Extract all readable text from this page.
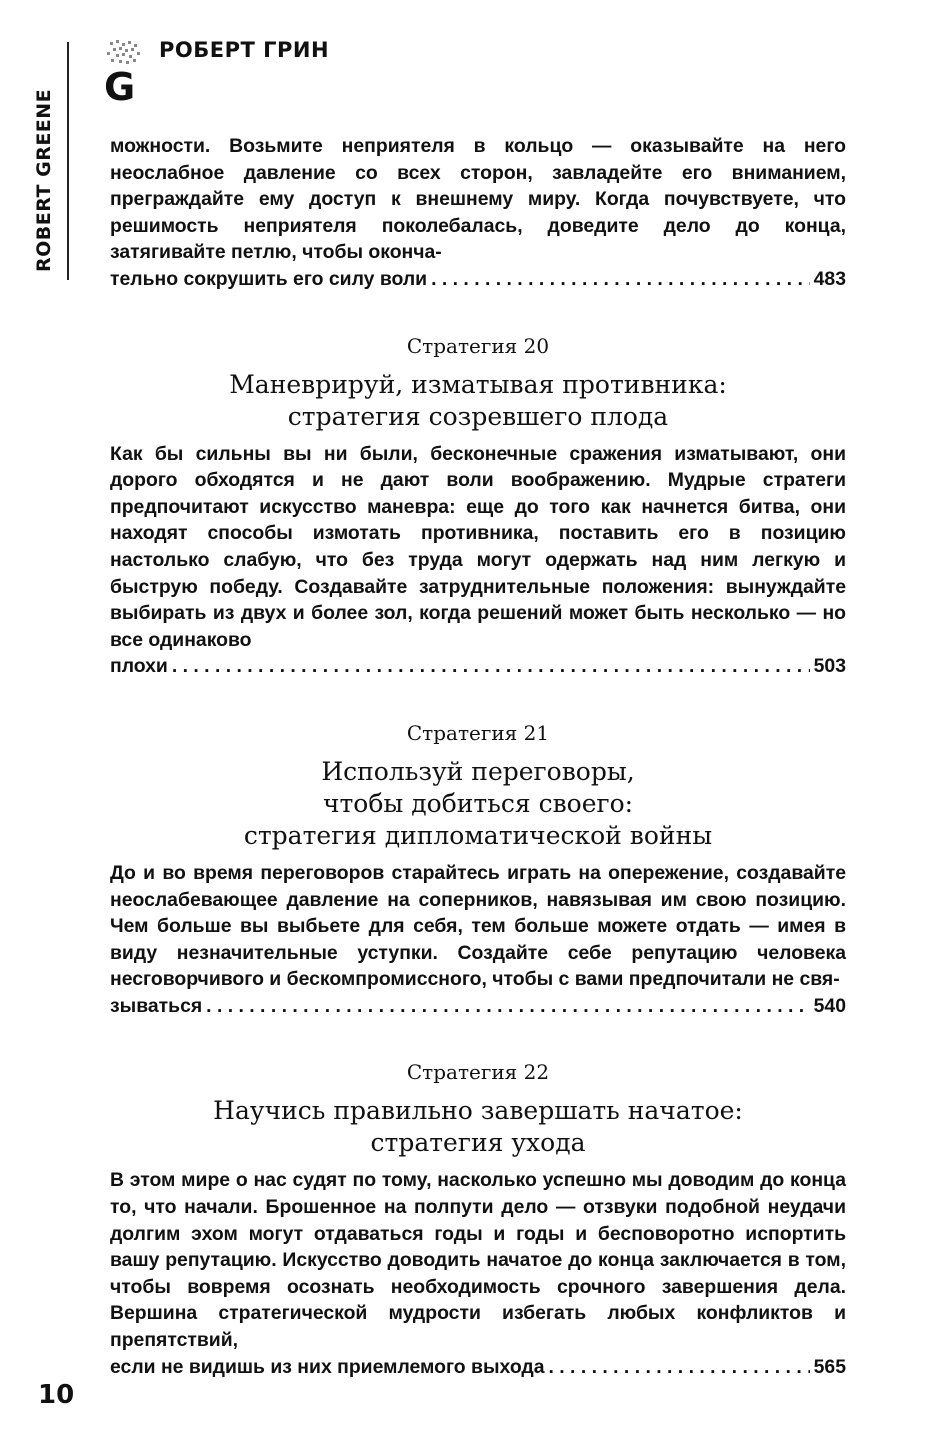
ROBERT GREENE
G
РОБЕРТ ГРИН

можности. Возьмите неприятеля в кольцо — оказывайте на него неослабное давление со всех сторон, завладейте его вниманием, преграждайте ему доступ к внешнему миру. Когда почувствуете, что решимость неприятеля поколебалась, доведите дело до конца, затягивайте петлю, чтобы оконча-

тельно сокрушить его силу воли . . .	483
Стратегия 20
Маневрируй, изматывая противника:
стратегия созревшего плода

Как бы сильны вы ни были, бесконечные сражения изматывают, они дорого обходятся и не дают воли воображению. Мудрые стратеги предпочитают искусство маневра: еще до того как начнется битва, они находят способы измотать противника, поставить его в позицию настолько слабую, что без труда могут одержать над ним легкую и быструю победу. Создавайте затруднительные положения: вынуждайте выбирать из двух и более зол, когда решений может быть несколько — но все одинаково

плохи . . .	503
Стратегия 21
Используй переговоры,
чтобы добиться своего:
стратегия дипломатической войны

До и во время переговоров старайтесь играть на опережение, создавайте неослабевающее давление на соперников, навязывая им свою позицию. Чем больше вы выбьете для себя, тем больше можете отдать — имея в виду незначительные уступки. Создайте себе репутацию человека несговорчивого и бескомпромиссного, чтобы с вами предпочитали не свя-

зываться . . .	540
Стратегия 22
Научись правильно завершать начатое:
стратегия ухода

В этом мире о нас судят по тому, насколько успешно мы доводим до конца то, что начали. Брошенное на полпути дело — отзвуки подобной неудачи долгим эхом могут отдаваться годы и годы и бесповоротно испортить вашу репутацию. Искусство доводить начатое до конца заключается в том, чтобы вовремя осознать необходимость срочного завершения дела. Вершина стратегической мудрости избегать любых конфликтов и препятствий,

если не видишь из них приемлемого выхода . . .	565
10
